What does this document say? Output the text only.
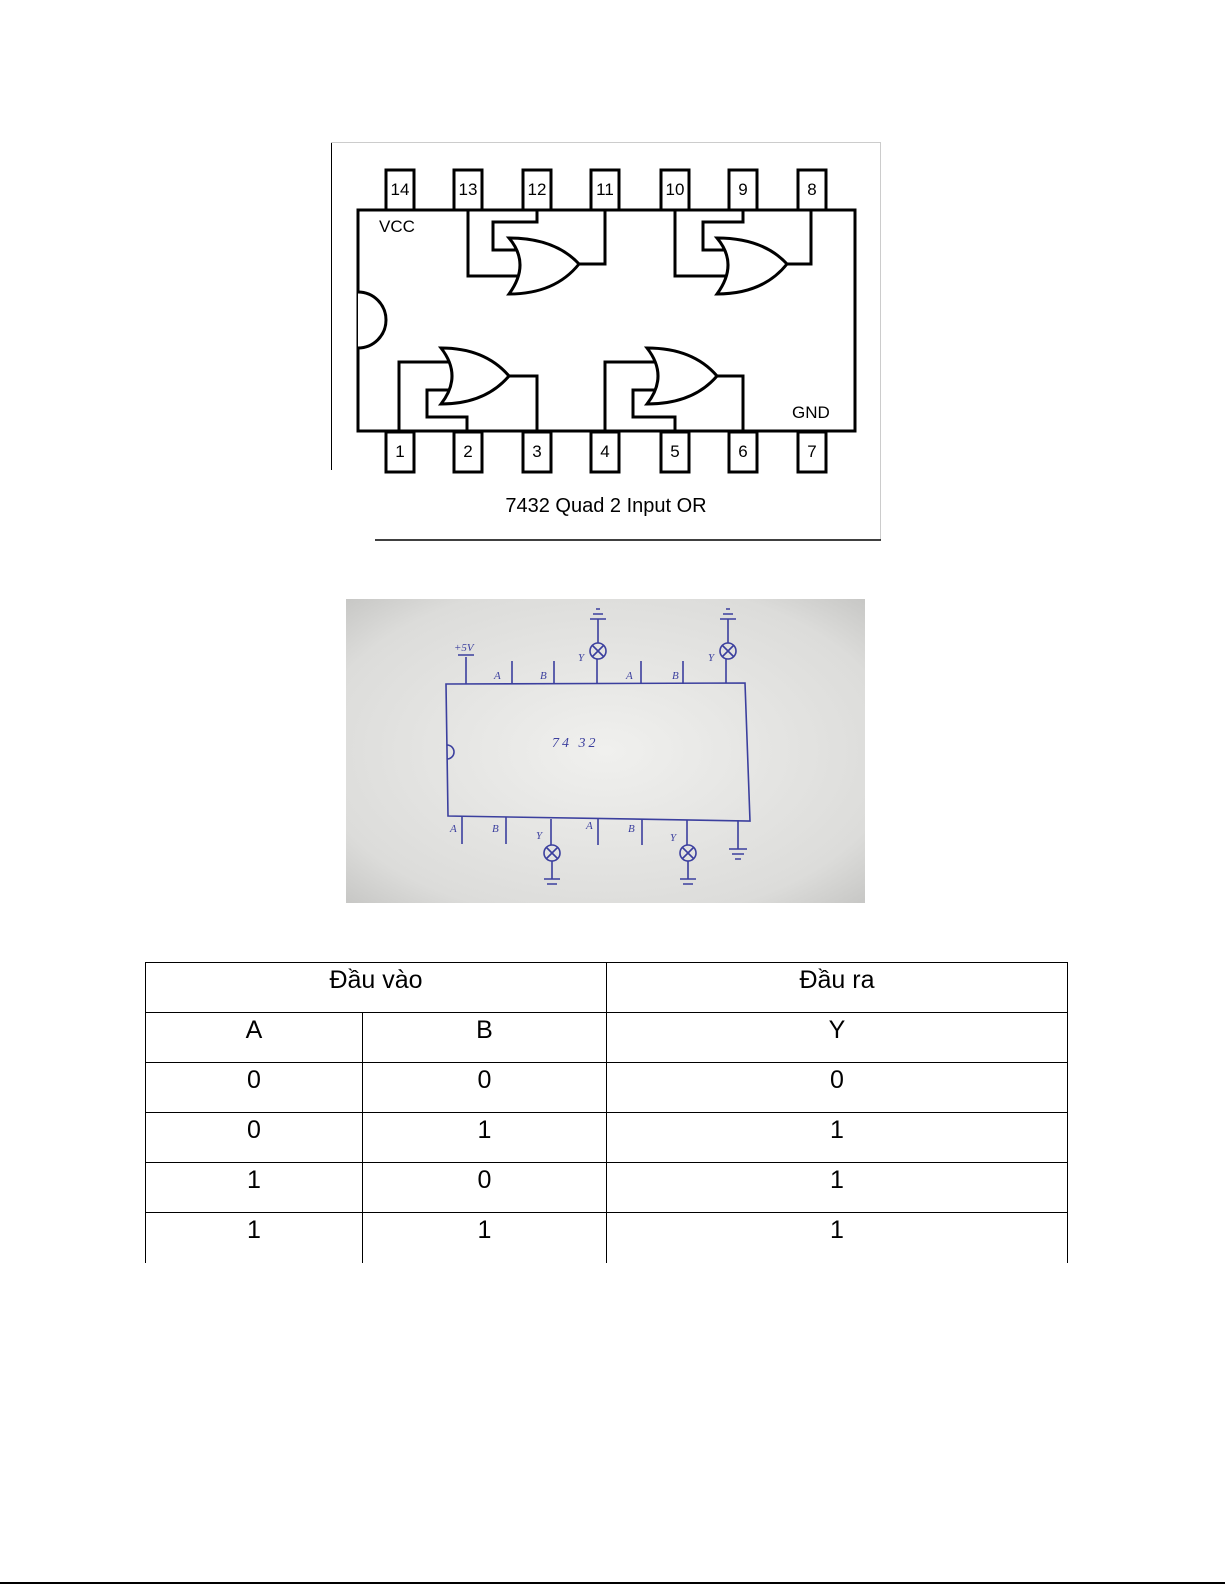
14	13	12	11	10	9	8
1	2	3	4	5	6	7
VCC
GND
7432 Quad 2 Input OR
+5V
A	B	A	B
Y	Y
A	B	A	B
Y	Y
74 32
Đầu vào		Đầu ra
A	B	Y
0	0	0
0	1	1
1	0	1
1	1	1
